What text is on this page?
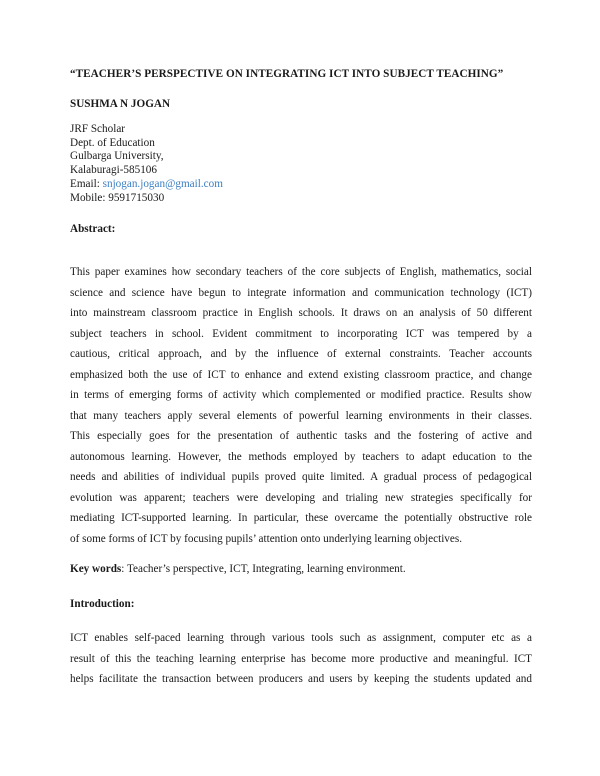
“TEACHER’S PERSPECTIVE ON INTEGRATING ICT INTO SUBJECT TEACHING”
SUSHMA N JOGAN
JRF Scholar
Dept. of Education
Gulbarga University,
Kalaburagi-585106
Email: snjogan.jogan@gmail.com
Mobile: 9591715030
Abstract:
This paper examines how secondary teachers of the core subjects of English, mathematics, social
science and science have begun to integrate information and communication technology (ICT)
into mainstream classroom practice in English schools. It draws on an analysis of 50 different
subject teachers in school. Evident commitment to incorporating ICT was tempered by a
cautious, critical approach, and by the influence of external constraints. Teacher accounts
emphasized both the use of ICT to enhance and extend existing classroom practice, and change
in terms of emerging forms of activity which complemented or modified practice. Results show
that many teachers apply several elements of powerful learning environments in their classes.
This especially goes for the presentation of authentic tasks and the fostering of active and
autonomous learning. However, the methods employed by teachers to adapt education to the
needs and abilities of individual pupils proved quite limited. A gradual process of pedagogical
evolution was apparent; teachers were developing and trialing new strategies specifically for
mediating ICT-supported learning. In particular, these overcame the potentially obstructive role
of some forms of ICT by focusing pupils’ attention onto underlying learning objectives.
Key words: Teacher’s perspective, ICT, Integrating, learning environment.
Introduction:
ICT enables self-paced learning through various tools such as assignment, computer etc as a
result of this the teaching learning enterprise has become more productive and meaningful. ICT
helps facilitate the transaction between producers and users by keeping the students updated and
